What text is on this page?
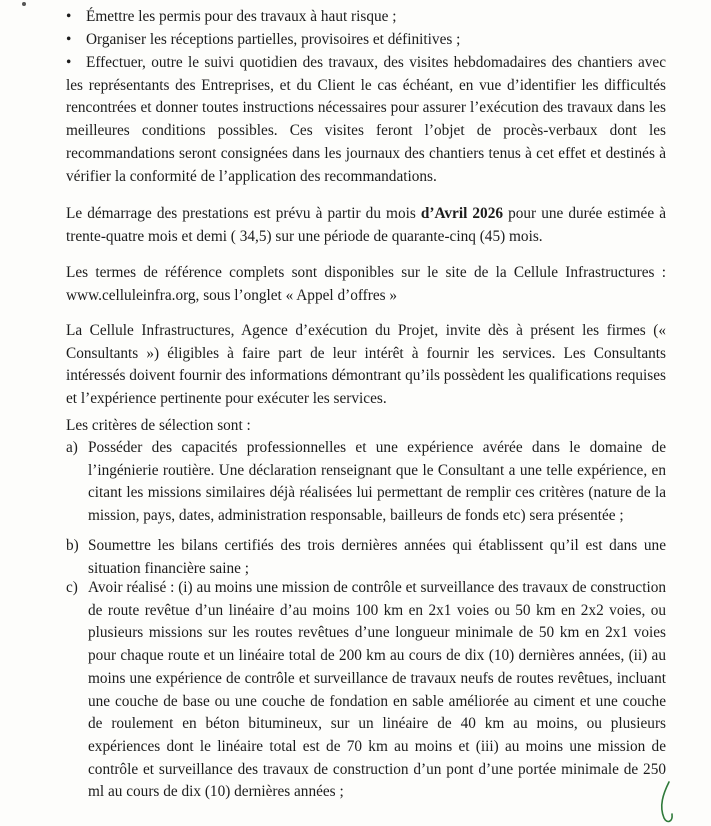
• Émettre les permis pour des travaux à haut risque ;
• Organiser les réceptions partielles, provisoires et définitives ;
• Effectuer, outre le suivi quotidien des travaux, des visites hebdomadaires des chantiers avec les représentants des Entreprises, et du Client le cas échéant, en vue d’identifier les difficultés rencontrées et donner toutes instructions nécessaires pour assurer l’exécution des travaux dans les meilleures conditions possibles. Ces visites feront l’objet de procès-verbaux dont les recommandations seront consignées dans les journaux des chantiers tenus à cet effet et destinés à vérifier la conformité de l’application des recommandations.

Le démarrage des prestations est prévu à partir du mois d’Avril 2026 pour une durée estimée à trente-quatre mois et demi ( 34,5) sur une période de quarante-cinq (45) mois.

Les termes de référence complets sont disponibles sur le site de la Cellule Infrastructures : www.celluleinfra.org, sous l’onglet « Appel d’offres »

La Cellule Infrastructures, Agence d’exécution du Projet, invite dès à présent les firmes (« Consultants ») éligibles à faire part de leur intérêt à fournir les services. Les Consultants intéressés doivent fournir des informations démontrant qu’ils possèdent les qualifications requises et l’expérience pertinente pour exécuter les services.

Les critères de sélection sont :

a) Posséder des capacités professionnelles et une expérience avérée dans le domaine de l’ingénierie routière. Une déclaration renseignant que le Consultant a une telle expérience, en citant les missions similaires déjà réalisées lui permettant de remplir ces critères (nature de la mission, pays, dates, administration responsable, bailleurs de fonds etc) sera présentée ;
b) Soumettre les bilans certifiés des trois dernières années qui établissent qu’il est dans une situation financière saine ;
c) Avoir réalisé : (i) au moins une mission de contrôle et surveillance des travaux de construction de route revêtue d’un linéaire d’au moins 100 km en 2x1 voies ou 50 km en 2x2 voies, ou plusieurs missions sur les routes revêtues d’une longueur minimale de 50 km en 2x1 voies pour chaque route et un linéaire total de 200 km au cours de dix (10) dernières années, (ii) au moins une expérience de contrôle et surveillance de travaux neufs de routes revêtues, incluant une couche de base ou une couche de fondation en sable améliorée au ciment et une couche de roulement en béton bitumineux, sur un linéaire de 40 km au moins, ou plusieurs expériences dont le linéaire total est de 70 km au moins et (iii) au moins une mission de contrôle et surveillance des travaux de construction d’un pont d’une portée minimale de 250 ml au cours de dix (10) dernières années ;
